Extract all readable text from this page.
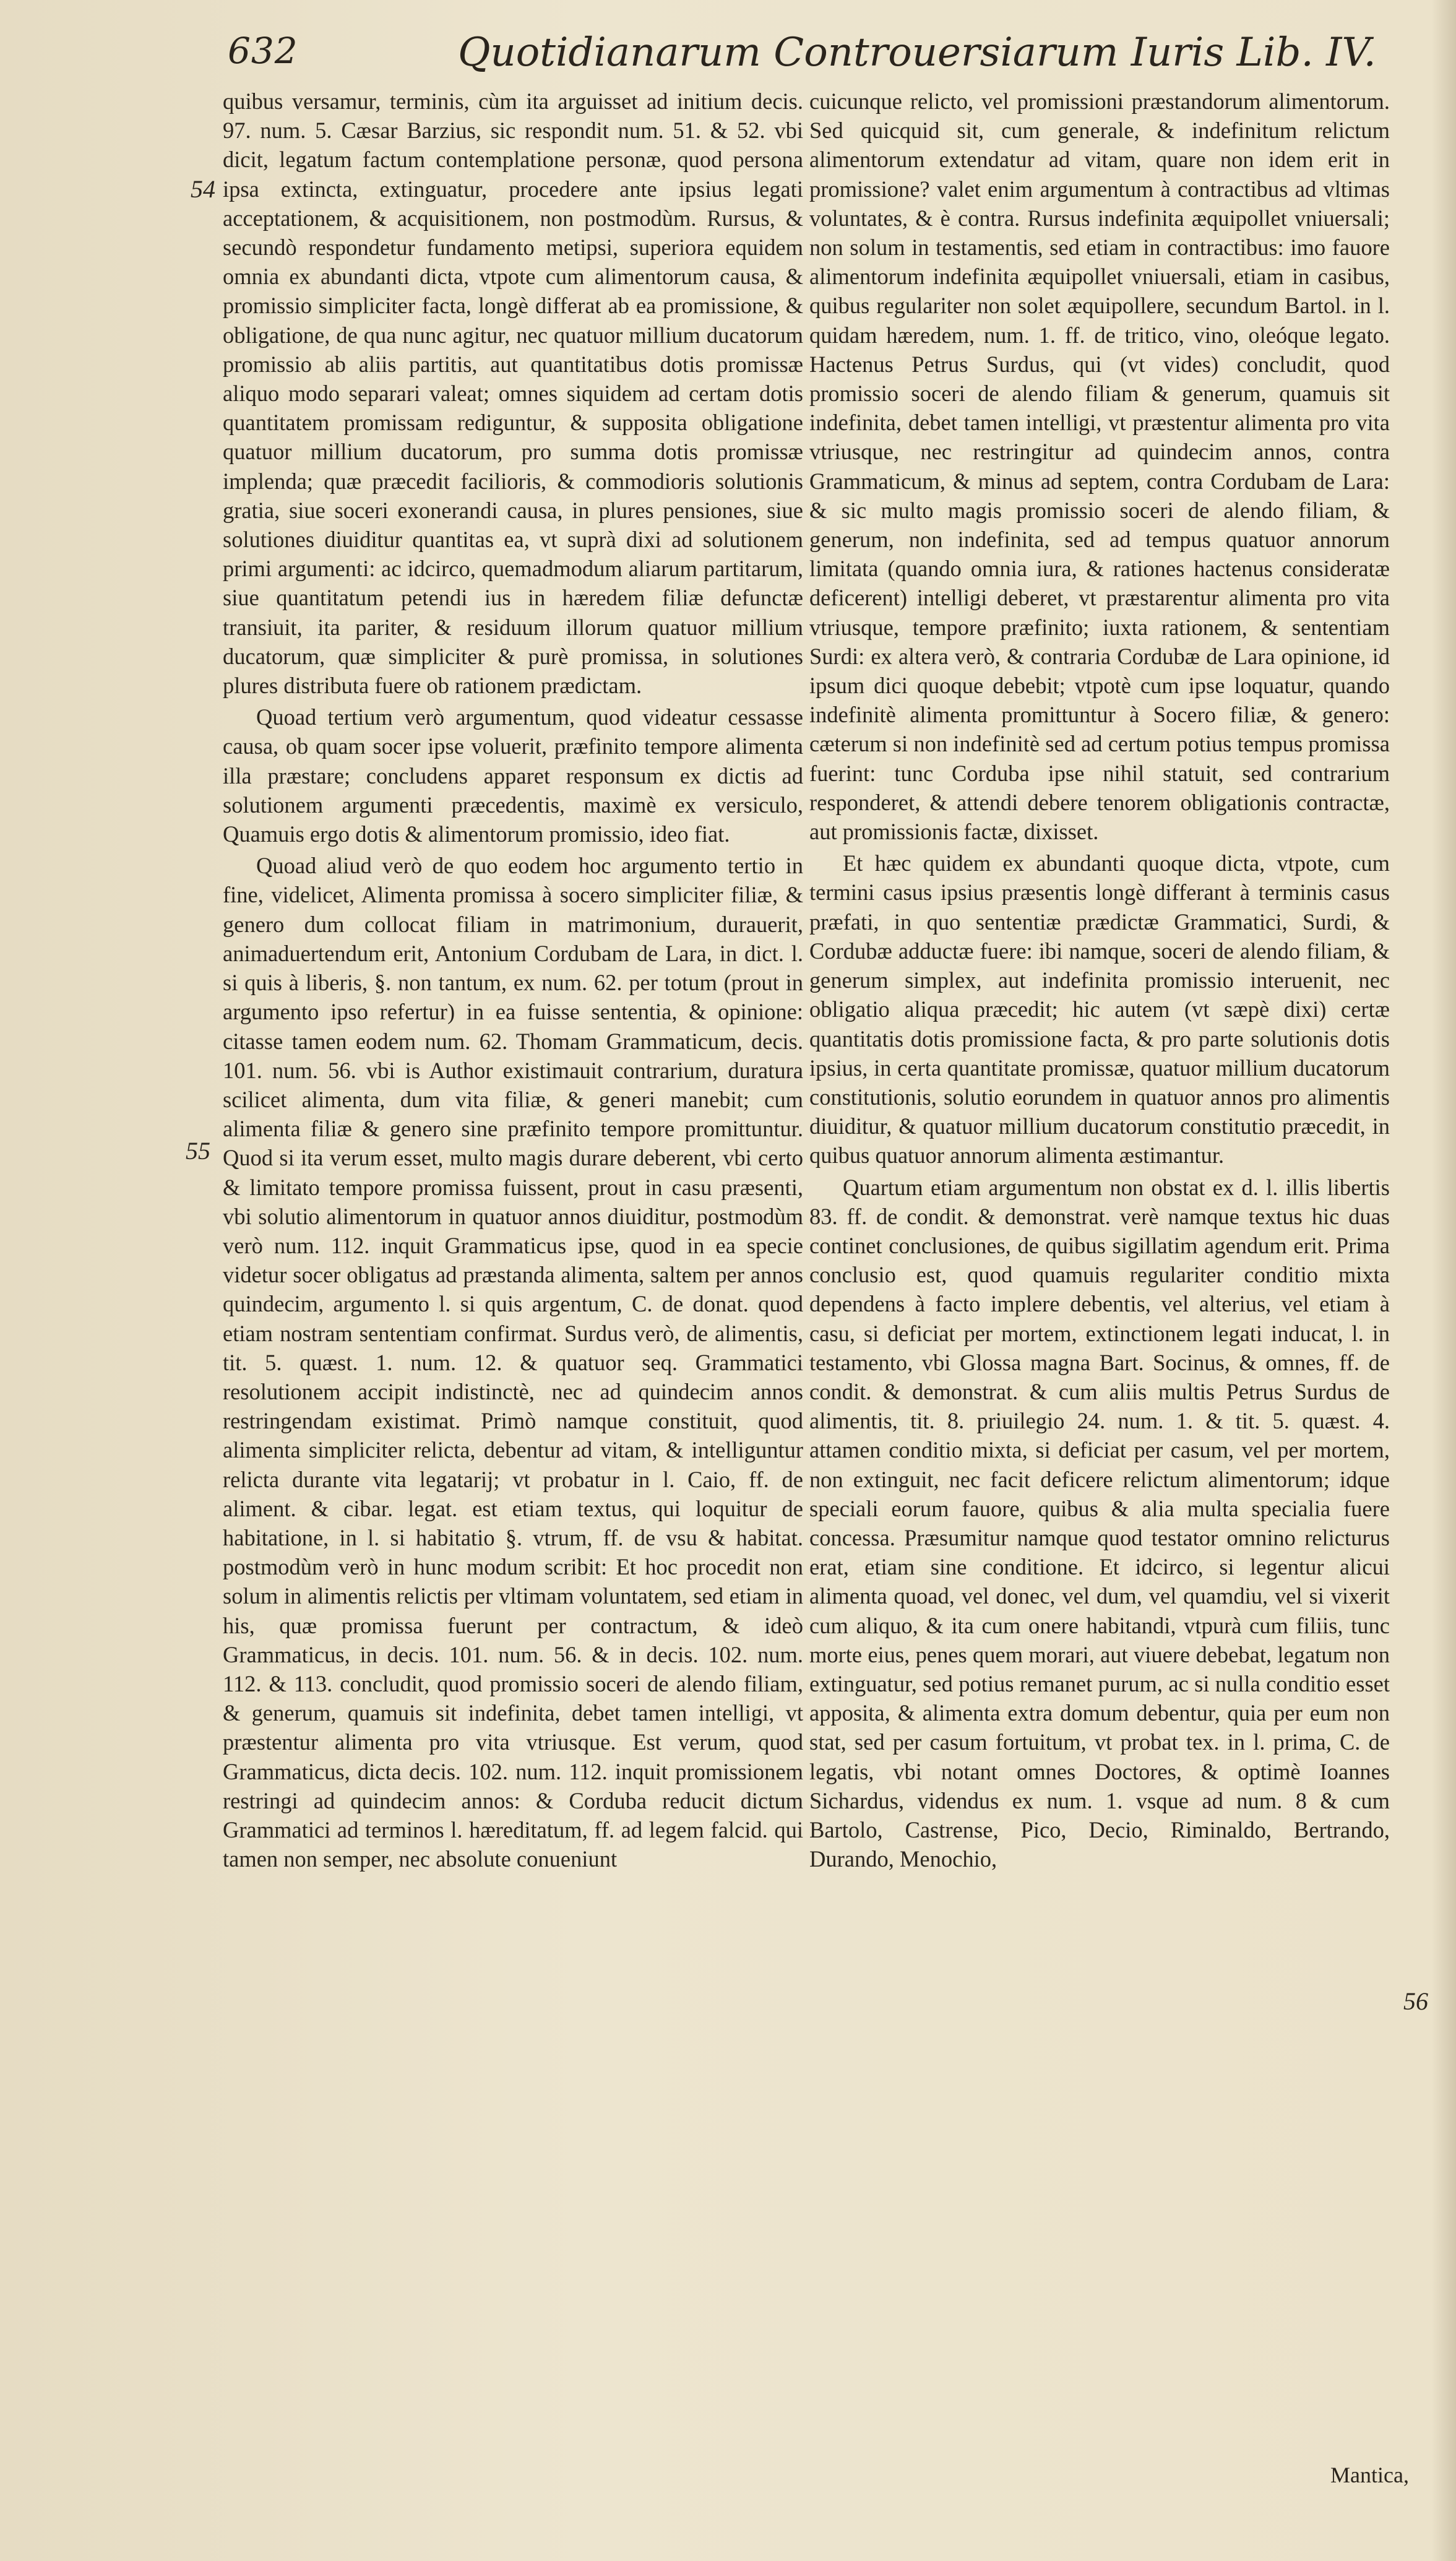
632	Quotidianarum Controuersiarum Iuris Lib. IV.
54
55
56

quibus versamur, terminis, cùm ita arguisset ad initium decis. 97. num. 5. Cæsar Barzius, sic respondit num. 51. & 52. vbi dicit, legatum factum contemplatione personæ, quod persona ipsa extincta, extinguatur, procedere ante ipsius legati acceptationem, & acquisitionem, non postmodùm. Rursus, & secundò respondetur fundamento metipsi, superiora equidem omnia ex abundanti dicta, vtpote cum alimentorum causa, & promissio simpliciter facta, longè differat ab ea promissione, & obligatione, de qua nunc agitur, nec quatuor millium ducatorum promissio ab aliis partitis, aut quantitatibus dotis promissæ aliquo modo separari valeat; omnes siquidem ad certam dotis quantitatem promissam rediguntur, & supposita obligatione quatuor millium ducatorum, pro summa dotis promissæ implenda; quæ præcedit facilioris, & commodioris solutionis gratia, siue soceri exonerandi causa, in plures pensiones, siue solutiones diuiditur quantitas ea, vt suprà dixi ad solutionem primi argumenti: ac idcirco, quemadmodum aliarum partitarum, siue quantitatum petendi ius in hæredem filiæ defunctæ transiuit, ita pariter, & residuum illorum quatuor millium ducatorum, quæ simpliciter & purè promissa, in solutiones plures distributa fuere ob rationem prædictam.

Quoad tertium verò argumentum, quod videatur cessasse causa, ob quam socer ipse voluerit, præfinito tempore alimenta illa præstare; concludens apparet responsum ex dictis ad solutionem argumenti præcedentis, maximè ex versiculo, Quamuis ergo dotis & alimentorum promissio, ideo fiat.

Quoad aliud verò de quo eodem hoc argumento tertio in fine, videlicet, Alimenta promissa à socero simpliciter filiæ, & genero dum collocat filiam in matrimonium, durauerit, animaduertendum erit, Antonium Cordubam de Lara, in dict. l. si quis à liberis, §. non tantum, ex num. 62. per totum (prout in argumento ipso refertur) in ea fuisse sententia, & opinione: citasse tamen eodem num. 62. Thomam Grammaticum, decis. 101. num. 56. vbi is Author existimauit contrarium, duratura scilicet alimenta, dum vita filiæ, & generi manebit; cum alimenta filiæ & genero sine præfinito tempore promittuntur. Quod si ita verum esset, multo magis durare deberent, vbi certo & limitato tempore promissa fuissent, prout in casu præsenti, vbi solutio alimentorum in quatuor annos diuiditur, postmodùm verò num. 112. inquit Grammaticus ipse, quod in ea specie videtur socer obligatus ad præstanda alimenta, saltem per annos quindecim, argumento l. si quis argentum, C. de donat. quod etiam nostram sententiam confirmat. Surdus verò, de alimentis, tit. 5. quæst. 1. num. 12. & quatuor seq. Grammatici resolutionem accipit indistinctè, nec ad quindecim annos restringendam existimat. Primò namque constituit, quod alimenta simpliciter relicta, debentur ad vitam, & intelliguntur relicta durante vita legatarij; vt probatur in l. Caio, ff. de aliment. & cibar. legat. est etiam textus, qui loquitur de habitatione, in l. si habitatio §. vtrum, ff. de vsu & habitat. postmodùm verò in hunc modum scribit: Et hoc procedit non solum in alimentis relictis per vltimam voluntatem, sed etiam in his, quæ promissa fuerunt per contractum, & ideò Grammaticus, in decis. 101. num. 56. & in decis. 102. num. 112. & 113. concludit, quod promissio soceri de alendo filiam, & generum, quamuis sit indefinita, debet tamen intelligi, vt præstentur alimenta pro vita vtriusque. Est verum, quod Grammaticus, dicta decis. 102. num. 112. inquit promissionem restringi ad quindecim annos: & Corduba reducit dictum Grammatici ad terminos l. hæreditatum, ff. ad legem falcid. qui tamen non semper, nec absolute conueniunt

cuicunque relicto, vel promissioni præstandorum alimentorum. Sed quicquid sit, cum generale, & indefinitum relictum alimentorum extendatur ad vitam, quare non idem erit in promissione? valet enim argumentum à contractibus ad vltimas voluntates, & è contra. Rursus indefinita æquipollet vniuersali; non solum in testamentis, sed etiam in contractibus: imo fauore alimentorum indefinita æquipollet vniuersali, etiam in casibus, quibus regulariter non solet æquipollere, secundum Bartol. in l. quidam hæredem, num. 1. ff. de tritico, vino, oleóque legato. Hactenus Petrus Surdus, qui (vt vides) concludit, quod promissio soceri de alendo filiam & generum, quamuis sit indefinita, debet tamen intelligi, vt præstentur alimenta pro vita vtriusque, nec restringitur ad quindecim annos, contra Grammaticum, & minus ad septem, contra Cordubam de Lara: & sic multo magis promissio soceri de alendo filiam, & generum, non indefinita, sed ad tempus quatuor annorum limitata (quando omnia iura, & rationes hactenus consideratæ deficerent) intelligi deberet, vt præstarentur alimenta pro vita vtriusque, tempore præfinito; iuxta rationem, & sententiam Surdi: ex altera verò, & contraria Cordubæ de Lara opinione, id ipsum dici quoque debebit; vtpotè cum ipse loquatur, quando indefinitè alimenta promittuntur à Socero filiæ, & genero: cæterum si non indefinitè sed ad certum potius tempus promissa fuerint: tunc Corduba ipse nihil statuit, sed contrarium responderet, & attendi debere tenorem obligationis contractæ, aut promissionis factæ, dixisset.

Et hæc quidem ex abundanti quoque dicta, vtpote, cum termini casus ipsius præsentis longè differant à terminis casus præfati, in quo sententiæ prædictæ Grammatici, Surdi, & Cordubæ adductæ fuere: ibi namque, soceri de alendo filiam, & generum simplex, aut indefinita promissio interuenit, nec obligatio aliqua præcedit; hic autem (vt sæpè dixi) certæ quantitatis dotis promissione facta, & pro parte solutionis dotis ipsius, in certa quantitate promissæ, quatuor millium ducatorum constitutionis, solutio eorundem in quatuor annos pro alimentis diuiditur, & quatuor millium ducatorum constitutio præcedit, in quibus quatuor annorum alimenta æstimantur.

Quartum etiam argumentum non obstat ex d. l. illis libertis 83. ff. de condit. & demonstrat. verè namque textus hic duas continet conclusiones, de quibus sigillatim agendum erit. Prima conclusio est, quod quamuis regulariter conditio mixta dependens à facto implere debentis, vel alterius, vel etiam à casu, si deficiat per mortem, extinctionem legati inducat, l. in testamento, vbi Glossa magna Bart. Socinus, & omnes, ff. de condit. & demonstrat. & cum aliis multis Petrus Surdus de alimentis, tit. 8. priuilegio 24. num. 1. & tit. 5. quæst. 4. attamen conditio mixta, si deficiat per casum, vel per mortem, non extinguit, nec facit deficere relictum alimentorum; idque speciali eorum fauore, quibus & alia multa specialia fuere concessa. Præsumitur namque quod testator omnino relicturus erat, etiam sine conditione. Et idcirco, si legentur alicui alimenta quoad, vel donec, vel dum, vel quamdiu, vel si vixerit cum aliquo, & ita cum onere habitandi, vtpurà cum filiis, tunc morte eius, penes quem morari, aut viuere debebat, legatum non extinguatur, sed potius remanet purum, ac si nulla conditio esset apposita, & alimenta extra domum debentur, quia per eum non stat, sed per casum fortuitum, vt probat tex. in l. prima, C. de legatis, vbi notant omnes Doctores, & optimè Ioannes Sichardus, videndus ex num. 1. vsque ad num. 8 & cum Bartolo, Castrense, Pico, Decio, Riminaldo, Bertrando, Durando, Menochio,

Mantica,
